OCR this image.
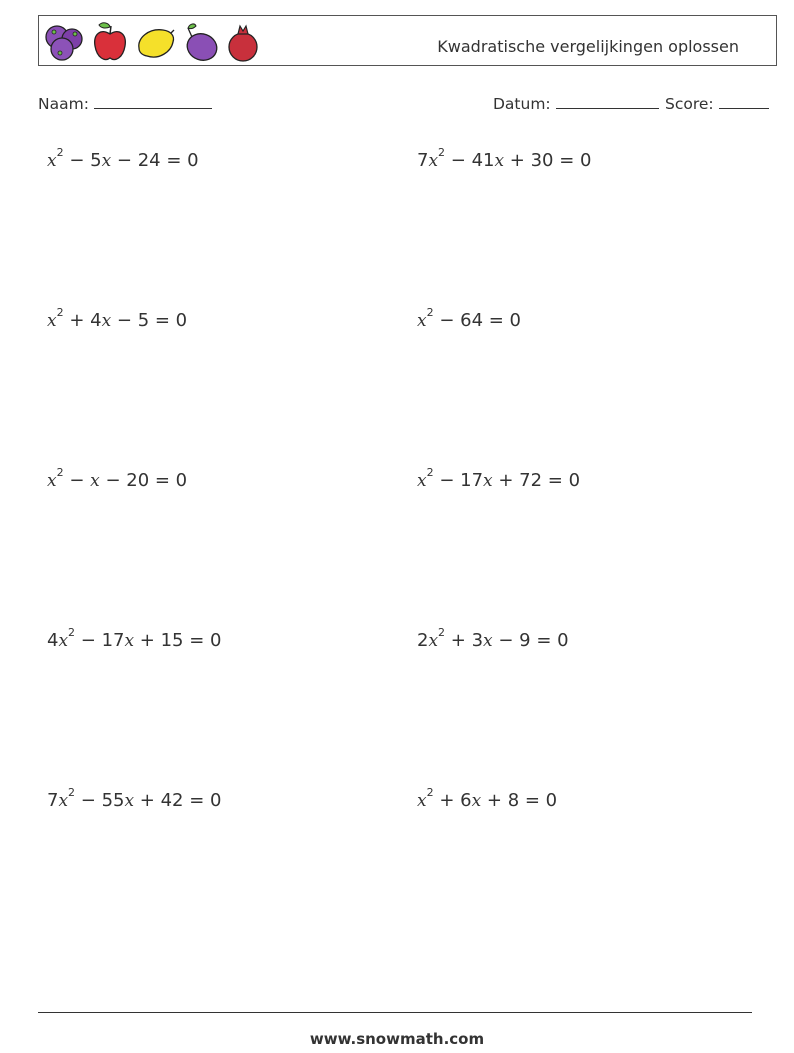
Kwadratische vergelijkingen oplossen
Naam:	Datum:	Score:
$x^2 - 5x - 24 = 0$	$7x^2 - 41x + 30 = 0$
$x^2 + 4x - 5 = 0$	$x^2 - 64 = 0$
$x^2 - x - 20 = 0$	$x^2 - 17x + 72 = 0$
$4x^2 - 17x + 15 = 0$	$2x^2 + 3x - 9 = 0$
$7x^2 - 55x + 42 = 0$	$x^2 + 6x + 8 = 0$
www.snowmath.com
